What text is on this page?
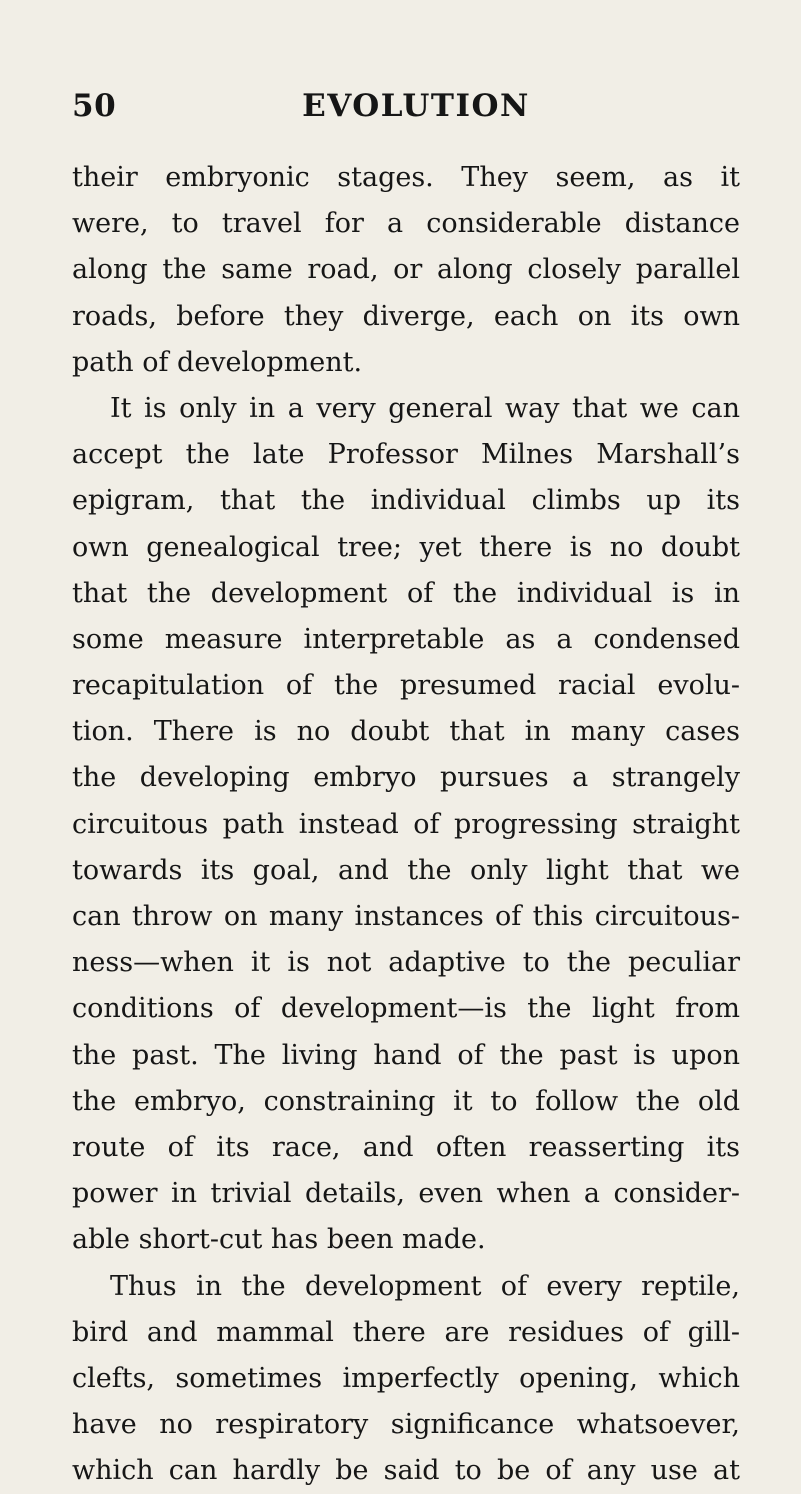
50	EVOLUTION
their embryonic stages. They seem, as it
were, to travel for a considerable distance
along the same road, or along closely parallel
roads, before they diverge, each on its own
path of development.
It is only in a very general way that we can
accept the late Professor Milnes Marshall’s
epigram, that the individual climbs up its
own genealogical tree; yet there is no doubt
that the development of the individual is in
some measure interpretable as a condensed
recapitulation of the presumed racial evolu-
tion. There is no doubt that in many cases
the developing embryo pursues a strangely
circuitous path instead of progressing straight
towards its goal, and the only light that we
can throw on many instances of this circuitous-
ness—when it is not adaptive to the peculiar
conditions of development—is the light from
the past. The living hand of the past is upon
the embryo, constraining it to follow the old
route of its race, and often reasserting its
power in trivial details, even when a consider-
able short-cut has been made.
Thus in the development of every reptile,
bird and mammal there are residues of gill-
clefts, sometimes imperfectly opening, which
have no respiratory significance whatsoever,
which can hardly be said to be of any use at
